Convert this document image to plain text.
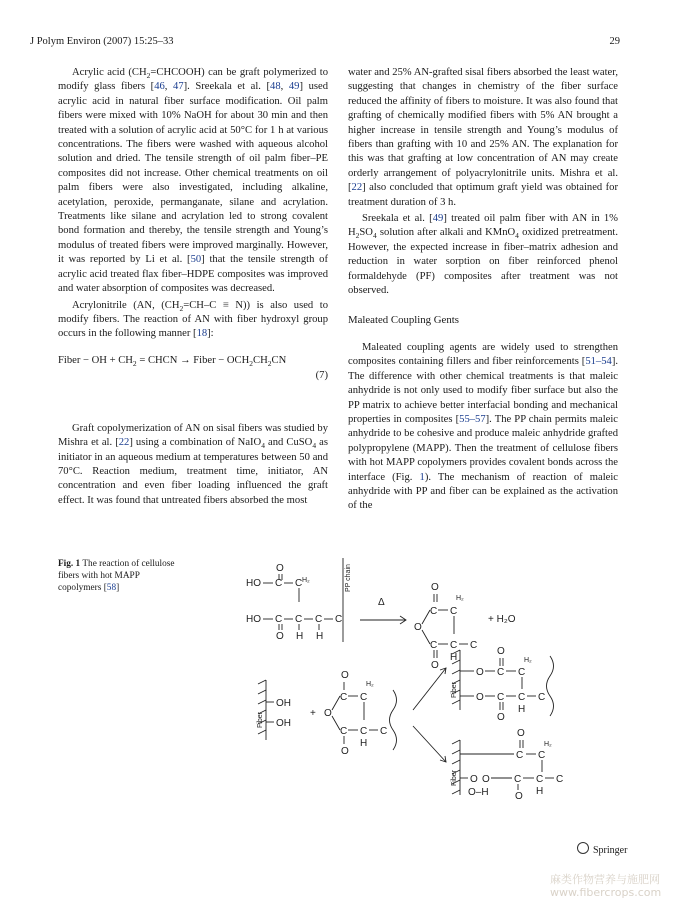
J Polym Environ (2007) 15:25–33	29

Acrylic acid $(CH_2=CHCOOH)$ can be graft polymerized to modify glass fibers [46, 47]. Sreekala et al. [48, 49] used acrylic acid in natural fiber surface modification. Oil palm fibers were mixed with 10% NaOH for about 30 min and then treated with a solution of acrylic acid at 50°C for 1 h at various concentrations. The fibers were washed with aqueous alcohol solution and dried. The tensile strength of oil palm fiber–PE composites did not increase. Other chemical treatments on oil palm fibers were also investigated, including alkaline, acetylation, peroxide, permanganate, silane and acrylation. Treatments like silane and acrylation led to strong covalent bond formation and thereby, the tensile strength and Young’s modulus of treated fibers were improved marginally. However, it was reported by Li et al. [50] that the tensile strength of acrylic acid treated flax fiber–HDPE composites was improved and water absorption of composites was decreased.

Acrylonitrile (AN, $(CH_2=CH-C \equiv N)$) is also used to modify fibers. The reaction of AN with fiber hydroxyl group occurs in the following manner [18]:

Fiber − OH + $CH_2$ = CHCN → Fiber − $OCH_2CH_2CN$
(7)

Graft copolymerization of AN on sisal fibers was studied by Mishra et al. [22] using a combination of NaIO$_4$ and CuSO$_4$ as initiator in an aqueous medium at temperatures between 50 and 70°C. Reaction medium, treatment time, initiator, AN concentration and even fiber loading influenced the graft effect. It was found that untreated fibers absorbed the most

water and 25% AN-grafted sisal fibers absorbed the least water, suggesting that changes in chemistry of the fiber surface reduced the affinity of fibers to moisture. It was also found that grafting of chemically modified fibers with 5% AN brought a higher increase in tensile strength and Young’s modulus of fibers than grafting with 10 and 25% AN. The explanation for this was that grafting at low concentration of AN may create orderly arrangement of polyacrylonitrile units. Mishra et al. [22] also concluded that optimum graft yield was obtained for treatment duration of 3 h.

Sreekala et al. [49] treated oil palm fiber with AN in 1% $H_2SO_4$ solution after alkali and KMnO$_4$ oxidized pretreatment. However, the expected increase in fiber–matrix adhesion and reduction in water sorption on fiber reinforced phenol formaldehyde (PF) composites after treatment was not observed.

Maleated Coupling Gents

Maleated coupling agents are widely used to strengthen composites containing fillers and fiber reinforcements [51–54]. The difference with other chemical treatments is that maleic anhydride is not only used to modify fiber surface but also the PP matrix to achieve better interfacial bonding and mechanical properties in composites [55–57]. The PP chain permits maleic anhydride to be cohesive and produce maleic anhydride grafted polypropylene (MAPP). Then the treatment of cellulose fibers with hot MAPP copolymers provides covalent bonds across the interface (Fig. 1). The mechanism of reaction of maleic anhydride with PP and fiber can be explained as the activation of the

Fig. 1 The reaction of cellulose fibers with hot MAPP copolymers [58]	HO C
O
C H₂
HO C
O
C
H
C
H
C
PP chain
Δ
O
C
O
C
H₂
C
O
C
H
C
+ H₂O
Fiber
OH
OH
+ O
C
O
C
H₂
C
O
C
H
C
Fiber
O C
O
C
H₂
O C
O
C
H
C
Fiber
C
O
C
H₂
O O C
O
C
H
C
O–H
Springer
麻类作物营养与施肥网
www.fibercrops.com
